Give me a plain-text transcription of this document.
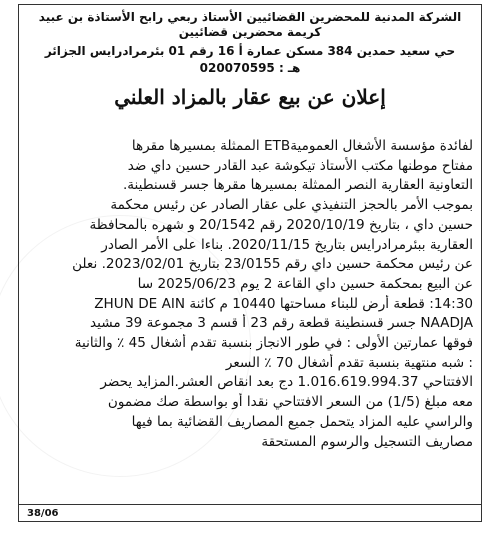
الشركة المدنية للمحضرين القضائيين الأستاذ ربعي رابح الأستاذة بن عبيد
كريمة محضرين قضائيين
حي سعيد حمدين 384 مسكن عمارة أ 16 رقم 01 بئرمرادرايس الجزائر
هـ : 020070595
إعلان عن بيع عقار بالمزاد العلني
لفائدة مؤسسة الأشغال العموميةETB الممثلة بمسيرها مقرها
مفتاح موطنها مكتب الأستاذ تيكوشة عبد القادر حسين داي ضد
التعاونية العقارية النصر الممثلة بمسيرها مقرها جسر قسنطينة.
بموجب الأمر بالحجز التنفيذي على عقار الصادر عن رئيس محكمة
حسين داي ، بتاريخ 2020/10/19 رقم 20/1542 و شهره بالمحافظة
العقارية ببئرمرادرايس بتاريخ 2020/11/15. بناءا على الأمر الصادر
عن رئيس محكمة حسين داي رقم 23/0155 بتاريخ 2023/02/01. نعلن
عن البيع بمحكمة حسين داي القاعة 2 يوم 2025/06/23 سا
14:30: قطعة أرض للبناء مساحتها 10440 م كائنة ZHUN DE AIN
NAADJA جسر قسنطينة قطعة رقم 23 أ قسم 3 مجموعة 39 مشيد
فوقها عمارتين الأولى : في طور الانجاز بنسبة تقدم أشغال 45 ٪ والثانية
: شبه منتهية بنسبة تقدم أشغال 70 ٪ السعر
الافتتاحي 1.016.619.994.37 دج بعد انقاص العشر.المزايد يحضر
معه مبلغ (1/5) من السعر الافتتاحي نقدا أو بواسطة صك مضمون
والراسي عليه المزاد يتحمل جميع المصاريف القضائية بما فيها
مصاريف التسجيل والرسوم المستحقة
38/06
